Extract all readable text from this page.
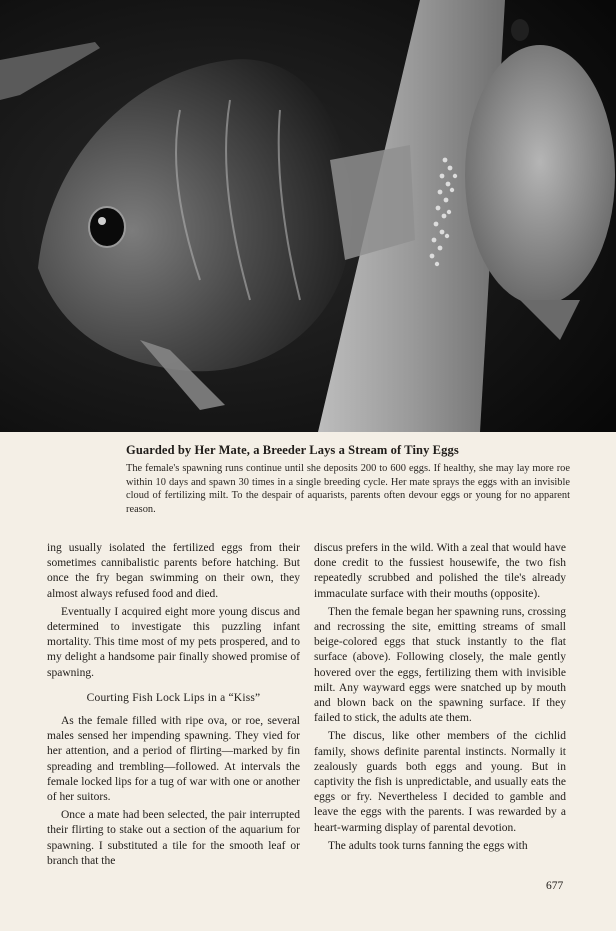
Guarded by Her Mate, a Breeder Lays a Stream of Tiny Eggs

The female's spawning runs continue until she deposits 200 to 600 eggs. If healthy, she may lay more roe within 10 days and spawn 30 times in a single breeding cycle. Her mate sprays the eggs with an invisible cloud of fertilizing milt. To the despair of aquarists, parents often devour eggs or young for no apparent reason.

ing usually isolated the fertilized eggs from their sometimes cannibalistic parents before hatching. But once the fry began swimming on their own, they almost always refused food and died.

Eventually I acquired eight more young discus and determined to investigate this puzzling infant mortality. This time most of my pets prospered, and to my delight a handsome pair finally showed promise of spawning.

Courting Fish Lock Lips in a “Kiss”

As the female filled with ripe ova, or roe, several males sensed her impending spawning. They vied for her attention, and a period of flirting—marked by fin spreading and trembling—followed. At intervals the female locked lips for a tug of war with one or another of her suitors.

Once a mate had been selected, the pair interrupted their flirting to stake out a section of the aquarium for spawning. I substituted a tile for the smooth leaf or branch that the

discus prefers in the wild. With a zeal that would have done credit to the fussiest housewife, the two fish repeatedly scrubbed and polished the tile's already immaculate surface with their mouths (opposite).

Then the female began her spawning runs, crossing and recrossing the site, emitting streams of small beige-colored eggs that stuck instantly to the flat surface (above). Following closely, the male gently hovered over the eggs, fertilizing them with invisible milt. Any wayward eggs were snatched up by mouth and blown back on the spawning surface. If they failed to stick, the adults ate them.

The discus, like other members of the cichlid family, shows definite parental instincts. Normally it zealously guards both eggs and young. But in captivity the fish is unpredictable, and usually eats the eggs or fry. Nevertheless I decided to gamble and leave the eggs with the parents. I was rewarded by a heart-warming display of parental devotion.

The adults took turns fanning the eggs with

677
